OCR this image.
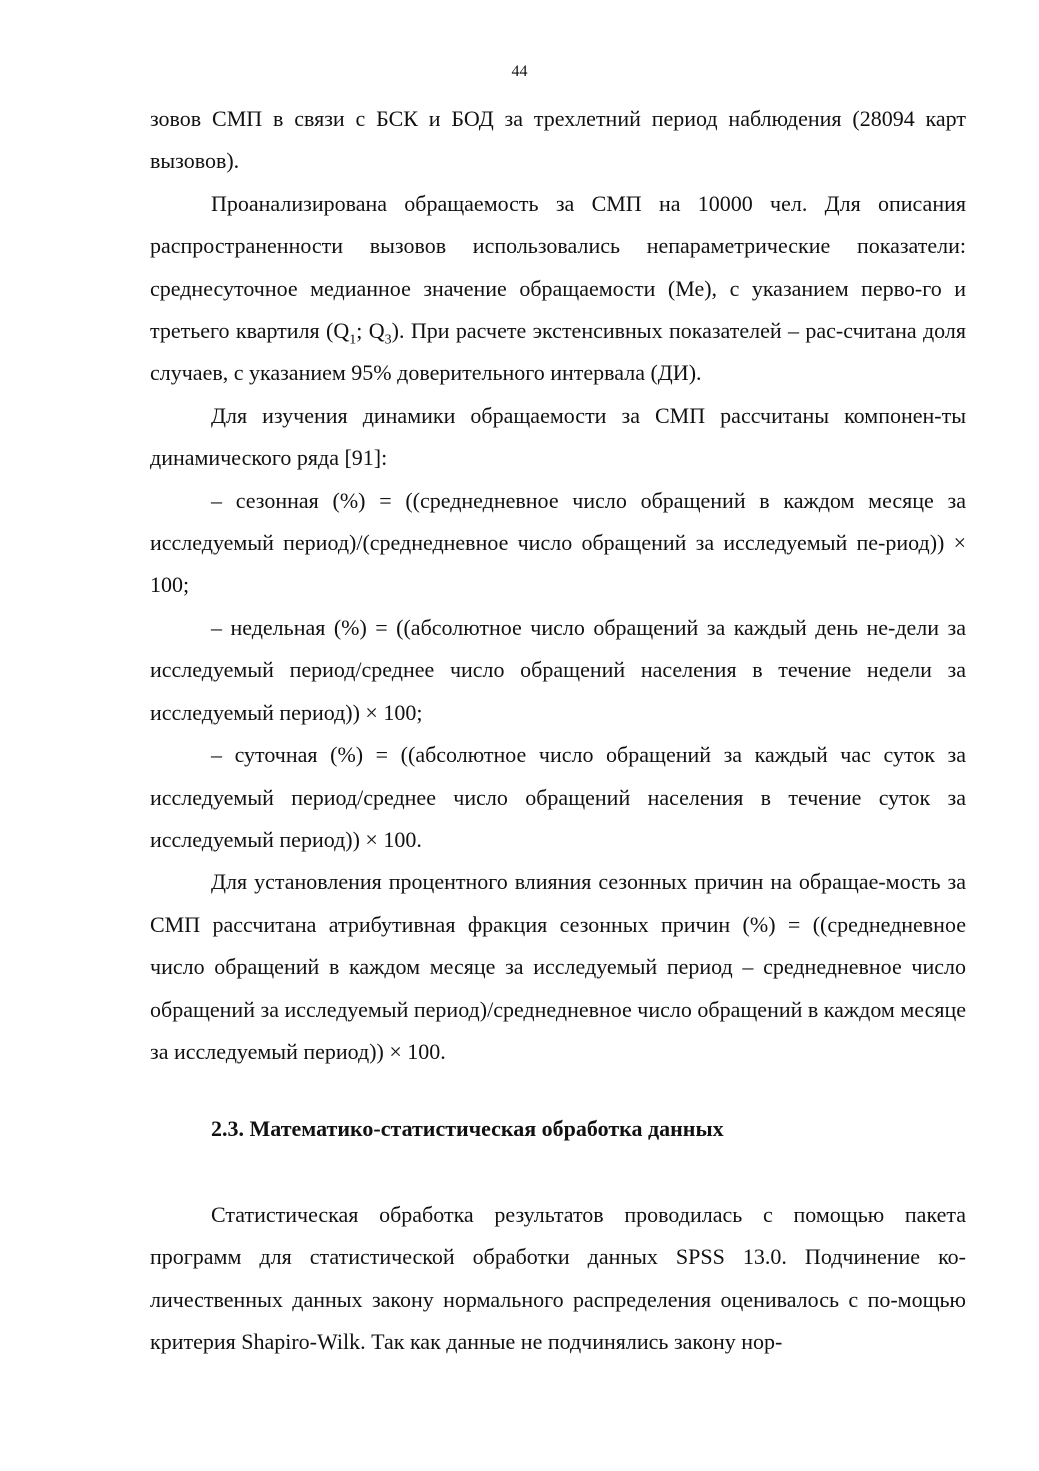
44

зовов СМП в связи с БСК и БОД за трехлетний период наблюдения (28094 карт вызовов).

Проанализирована обращаемость за СМП на 10000 чел. Для описания распространенности вызовов использовались непараметрические показатели: среднесуточное медианное значение обращаемости (Ме), с указанием перво-го и третьего квартиля ($Q_1$; $Q_3$). При расчете экстенсивных показателей – рас-считана доля случаев, с указанием 95% доверительного интервала (ДИ).

Для изучения динамики обращаемости за СМП рассчитаны компонен-ты динамического ряда [91]:

– сезонная (%) = ((среднедневное число обращений в каждом месяце за исследуемый период)/(среднедневное число обращений за исследуемый пе-риод)) × 100;

– недельная (%) = ((абсолютное число обращений за каждый день не-дели за исследуемый период/среднее число обращений населения в течение недели за исследуемый период)) × 100;

– суточная (%) = ((абсолютное число обращений за каждый час суток за исследуемый период/среднее число обращений населения в течение суток за исследуемый период)) × 100.

Для установления процентного влияния сезонных причин на обращае-мость за СМП рассчитана атрибутивная фракция сезонных причин (%) = ((среднедневное число обращений в каждом месяце за исследуемый период – среднедневное число обращений за исследуемый период)/среднедневное число обращений в каждом месяце за исследуемый период)) × 100.

2.3. Математико-статистическая обработка данных

Статистическая обработка результатов проводилась с помощью пакета программ для статистической обработки данных SPSS 13.0. Подчинение ко-личественных данных закону нормального распределения оценивалось с по-мощью критерия Shapiro-Wilk. Так как данные не подчинялись закону нор-
